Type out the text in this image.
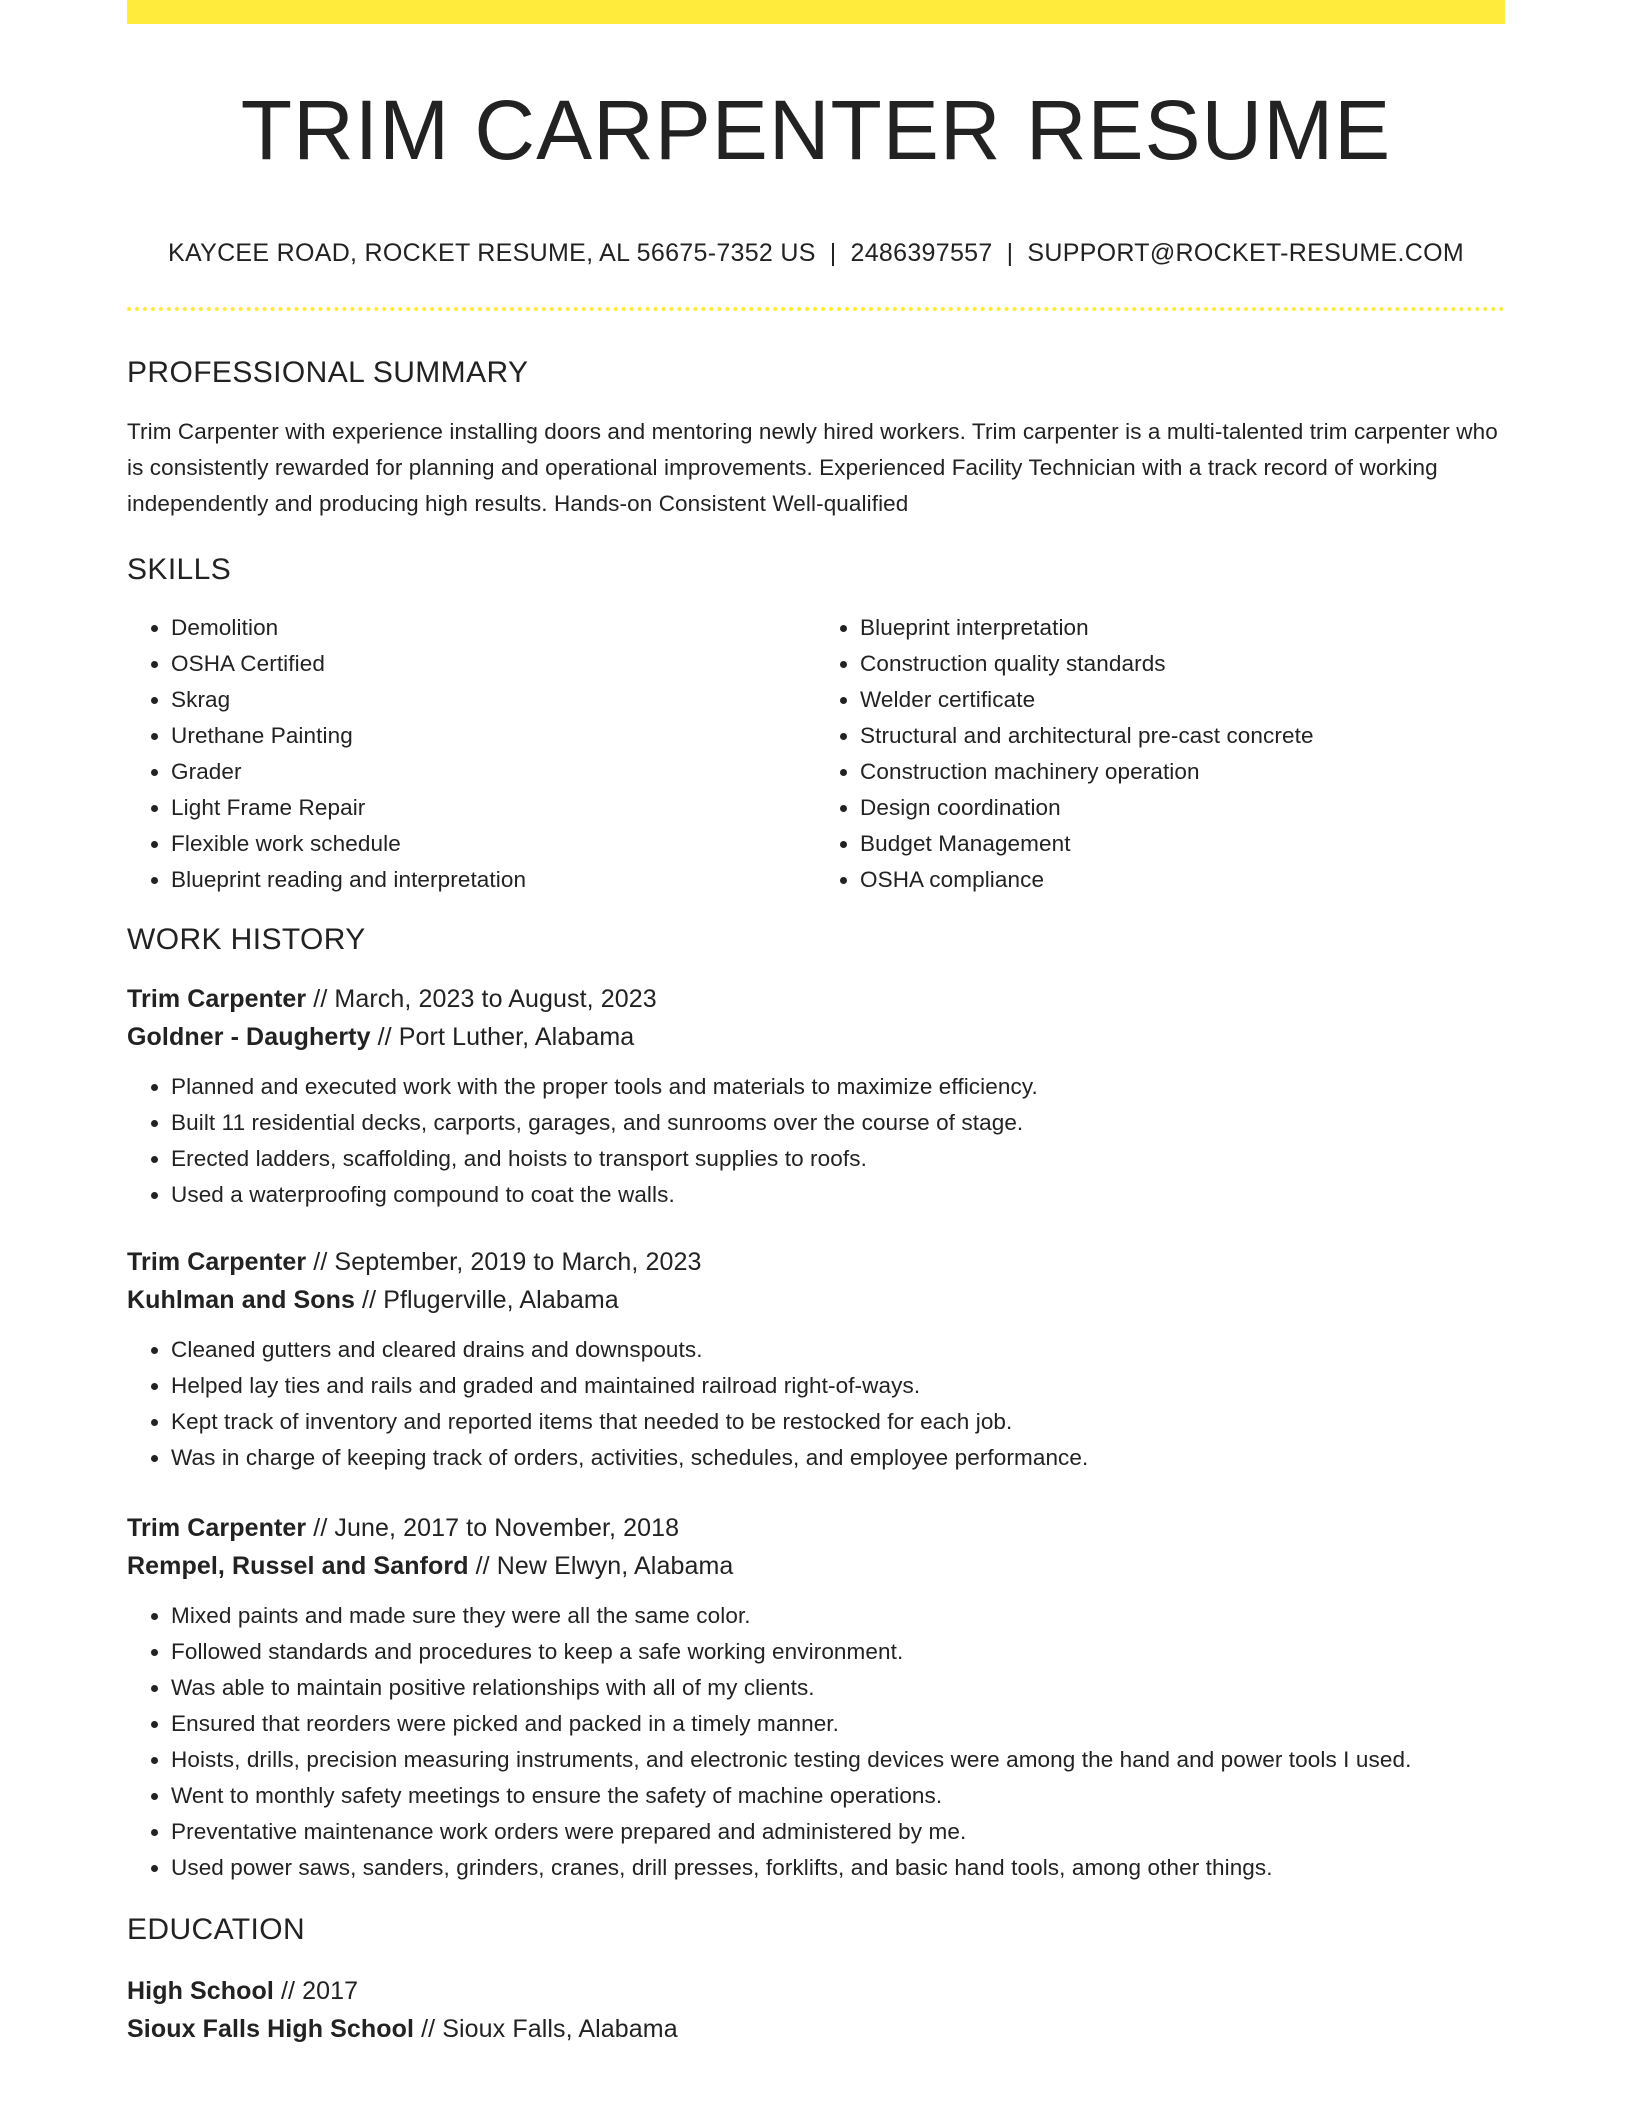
TRIM CARPENTER RESUME
KAYCEE ROAD, ROCKET RESUME, AL 56675-7352 US | 2486397557 | SUPPORT@ROCKET-RESUME.COM
PROFESSIONAL SUMMARY

Trim Carpenter with experience installing doors and mentoring newly hired workers. Trim carpenter is a multi-talented trim carpenter who is consistently rewarded for planning and operational improvements. Experienced Facility Technician with a track record of working independently and producing high results. Hands-on Consistent Well-qualified

SKILLS
• Demolition
• OSHA Certified
• Skrag
• Urethane Painting
• Grader
• Light Frame Repair
• Flexible work schedule
• Blueprint reading and interpretation
• Blueprint interpretation
• Construction quality standards
• Welder certificate
• Structural and architectural pre-cast concrete
• Construction machinery operation
• Design coordination
• Budget Management
• OSHA compliance
WORK HISTORY
Trim Carpenter // March, 2023 to August, 2023
Goldner - Daugherty // Port Luther, Alabama
• Planned and executed work with the proper tools and materials to maximize efficiency.
• Built 11 residential decks, carports, garages, and sunrooms over the course of stage.
• Erected ladders, scaffolding, and hoists to transport supplies to roofs.
• Used a waterproofing compound to coat the walls.
Trim Carpenter // September, 2019 to March, 2023
Kuhlman and Sons // Pflugerville, Alabama
• Cleaned gutters and cleared drains and downspouts.
• Helped lay ties and rails and graded and maintained railroad right-of-ways.
• Kept track of inventory and reported items that needed to be restocked for each job.
• Was in charge of keeping track of orders, activities, schedules, and employee performance.
Trim Carpenter // June, 2017 to November, 2018
Rempel, Russel and Sanford // New Elwyn, Alabama
• Mixed paints and made sure they were all the same color.
• Followed standards and procedures to keep a safe working environment.
• Was able to maintain positive relationships with all of my clients.
• Ensured that reorders were picked and packed in a timely manner.
• Hoists, drills, precision measuring instruments, and electronic testing devices were among the hand and power tools I used.
• Went to monthly safety meetings to ensure the safety of machine operations.
• Preventative maintenance work orders were prepared and administered by me.
• Used power saws, sanders, grinders, cranes, drill presses, forklifts, and basic hand tools, among other things.
EDUCATION
High School // 2017
Sioux Falls High School // Sioux Falls, Alabama
